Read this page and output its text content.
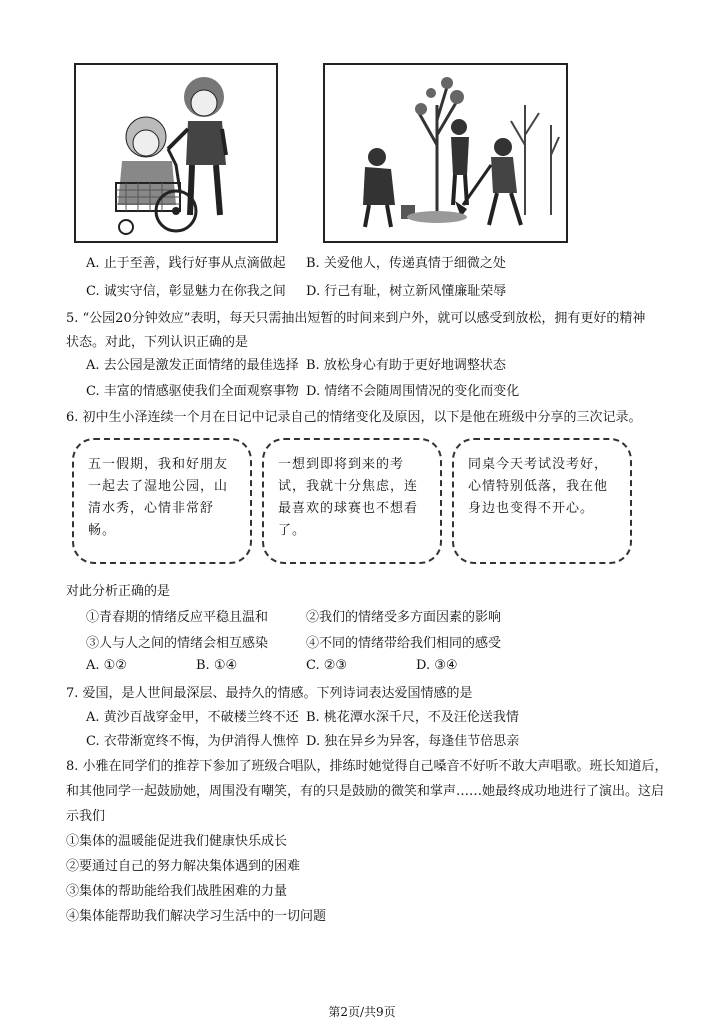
A. 止于至善，践行好事从点滴做起 B. 关爱他人，传递真情于细微之处
C. 诚实守信，彰显魅力在你我之间 D. 行己有耻，树立新风懂廉耻荣辱
5. “公园20分钟效应”表明，每天只需抽出短暂的时间来到户外，就可以感受到放松，拥有更好的精神
状态。对此，下列认识正确的是
A. 去公园是激发正面情绪的最佳选择 B. 放松身心有助于更好地调整状态
C. 丰富的情感驱使我们全面观察事物 D. 情绪不会随周围情况的变化而变化
6. 初中生小泽连续一个月在日记中记录自己的情绪变化及原因，以下是他在班级中分享的三次记录。
五一假期，我和好朋友一起去了湿地公园，山清水秀，心情非常舒畅。
一想到即将到来的考试，我就十分焦虑，连最喜欢的球赛也不想看了。
同桌今天考试没考好，心情特别低落，我在他身边也变得不开心。
对此分析正确的是
①青春期的情绪反应平稳且温和	②我们的情绪受多方面因素的影响
③人与人之间的情绪会相互感染	④不同的情绪带给我们相同的感受
A. ①②	B. ①④	C. ②③	D. ③④
7. 爱国，是人世间最深层、最持久的情感。下列诗词表达爱国情感的是
A. 黄沙百战穿金甲，不破楼兰终不还 B. 桃花潭水深千尺，不及汪伦送我情
C. 衣带渐宽终不悔，为伊消得人憔悴 D. 独在异乡为异客，每逢佳节倍思亲
8. 小雅在同学们的推荐下参加了班级合唱队，排练时她觉得自己嗓音不好听不敢大声唱歌。班长知道后，
和其他同学一起鼓励她，周围没有嘲笑，有的只是鼓励的微笑和掌声……她最终成功地进行了演出。这启
示我们
①集体的温暖能促进我们健康快乐成长
②要通过自己的努力解决集体遇到的困难
③集体的帮助能给我们战胜困难的力量
④集体能帮助我们解决学习生活中的一切问题
第2页/共9页
